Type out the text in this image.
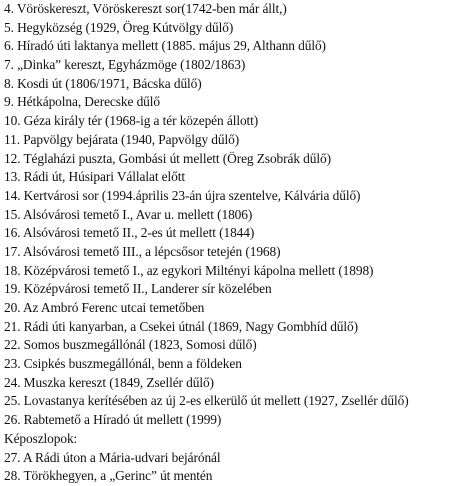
4. Vöröskereszt, Vöröskereszt sor(1742-ben már állt,)
5. Hegyközség (1929, Öreg Kútvölgy dűlő)
6. Híradó úti laktanya mellett (1885. május 29, Althann dűlő)
7. „Dinka” kereszt, Egyházmöge (1802/1863)
8. Kosdi út (1806/1971, Bácska dűlő)
9. Hétkápolna, Derecske dűlő
10. Géza király tér (1968-ig a tér közepén állott)
11. Papvölgy bejárata (1940, Papvölgy dűlő)
12. Téglaházi puszta, Gombási út mellett (Öreg Zsobrák dűlő)
13. Rádi út, Húsipari Vállalat előtt
14. Kertvárosi sor (1994.április 23-án újra szentelve, Kálvária dűlő)
15. Alsóvárosi temető I., Avar u. mellett (1806)
16. Alsóvárosi temető II., 2-es út mellett (1844)
17. Alsóvárosi temető III., a lépcsősor tetején (1968)
18. Középvárosi temető I., az egykori Miltényi kápolna mellett (1898)
19. Középvárosi temető II., Landerer sír közelében
20. Az Ambró Ferenc utcai temetőben
21. Rádi úti kanyarban, a Csekei útnál (1869, Nagy Gombhíd dűlő)
22. Somos buszmegállónál (1823, Somosi dűlő)
23. Csipkés buszmegállónál, benn a földeken
24. Muszka kereszt (1849, Zsellér dűlő)
25. Lovastanya kerítésében az új 2-es elkerülő út mellett (1927, Zsellér dűlő)
26. Rabtemető a Híradó út mellett (1999)
Képoszlopok:
27. A Rádi úton a Mária-udvari bejárónál
28. Törökhegyen, a „Gerinc” út mentén
